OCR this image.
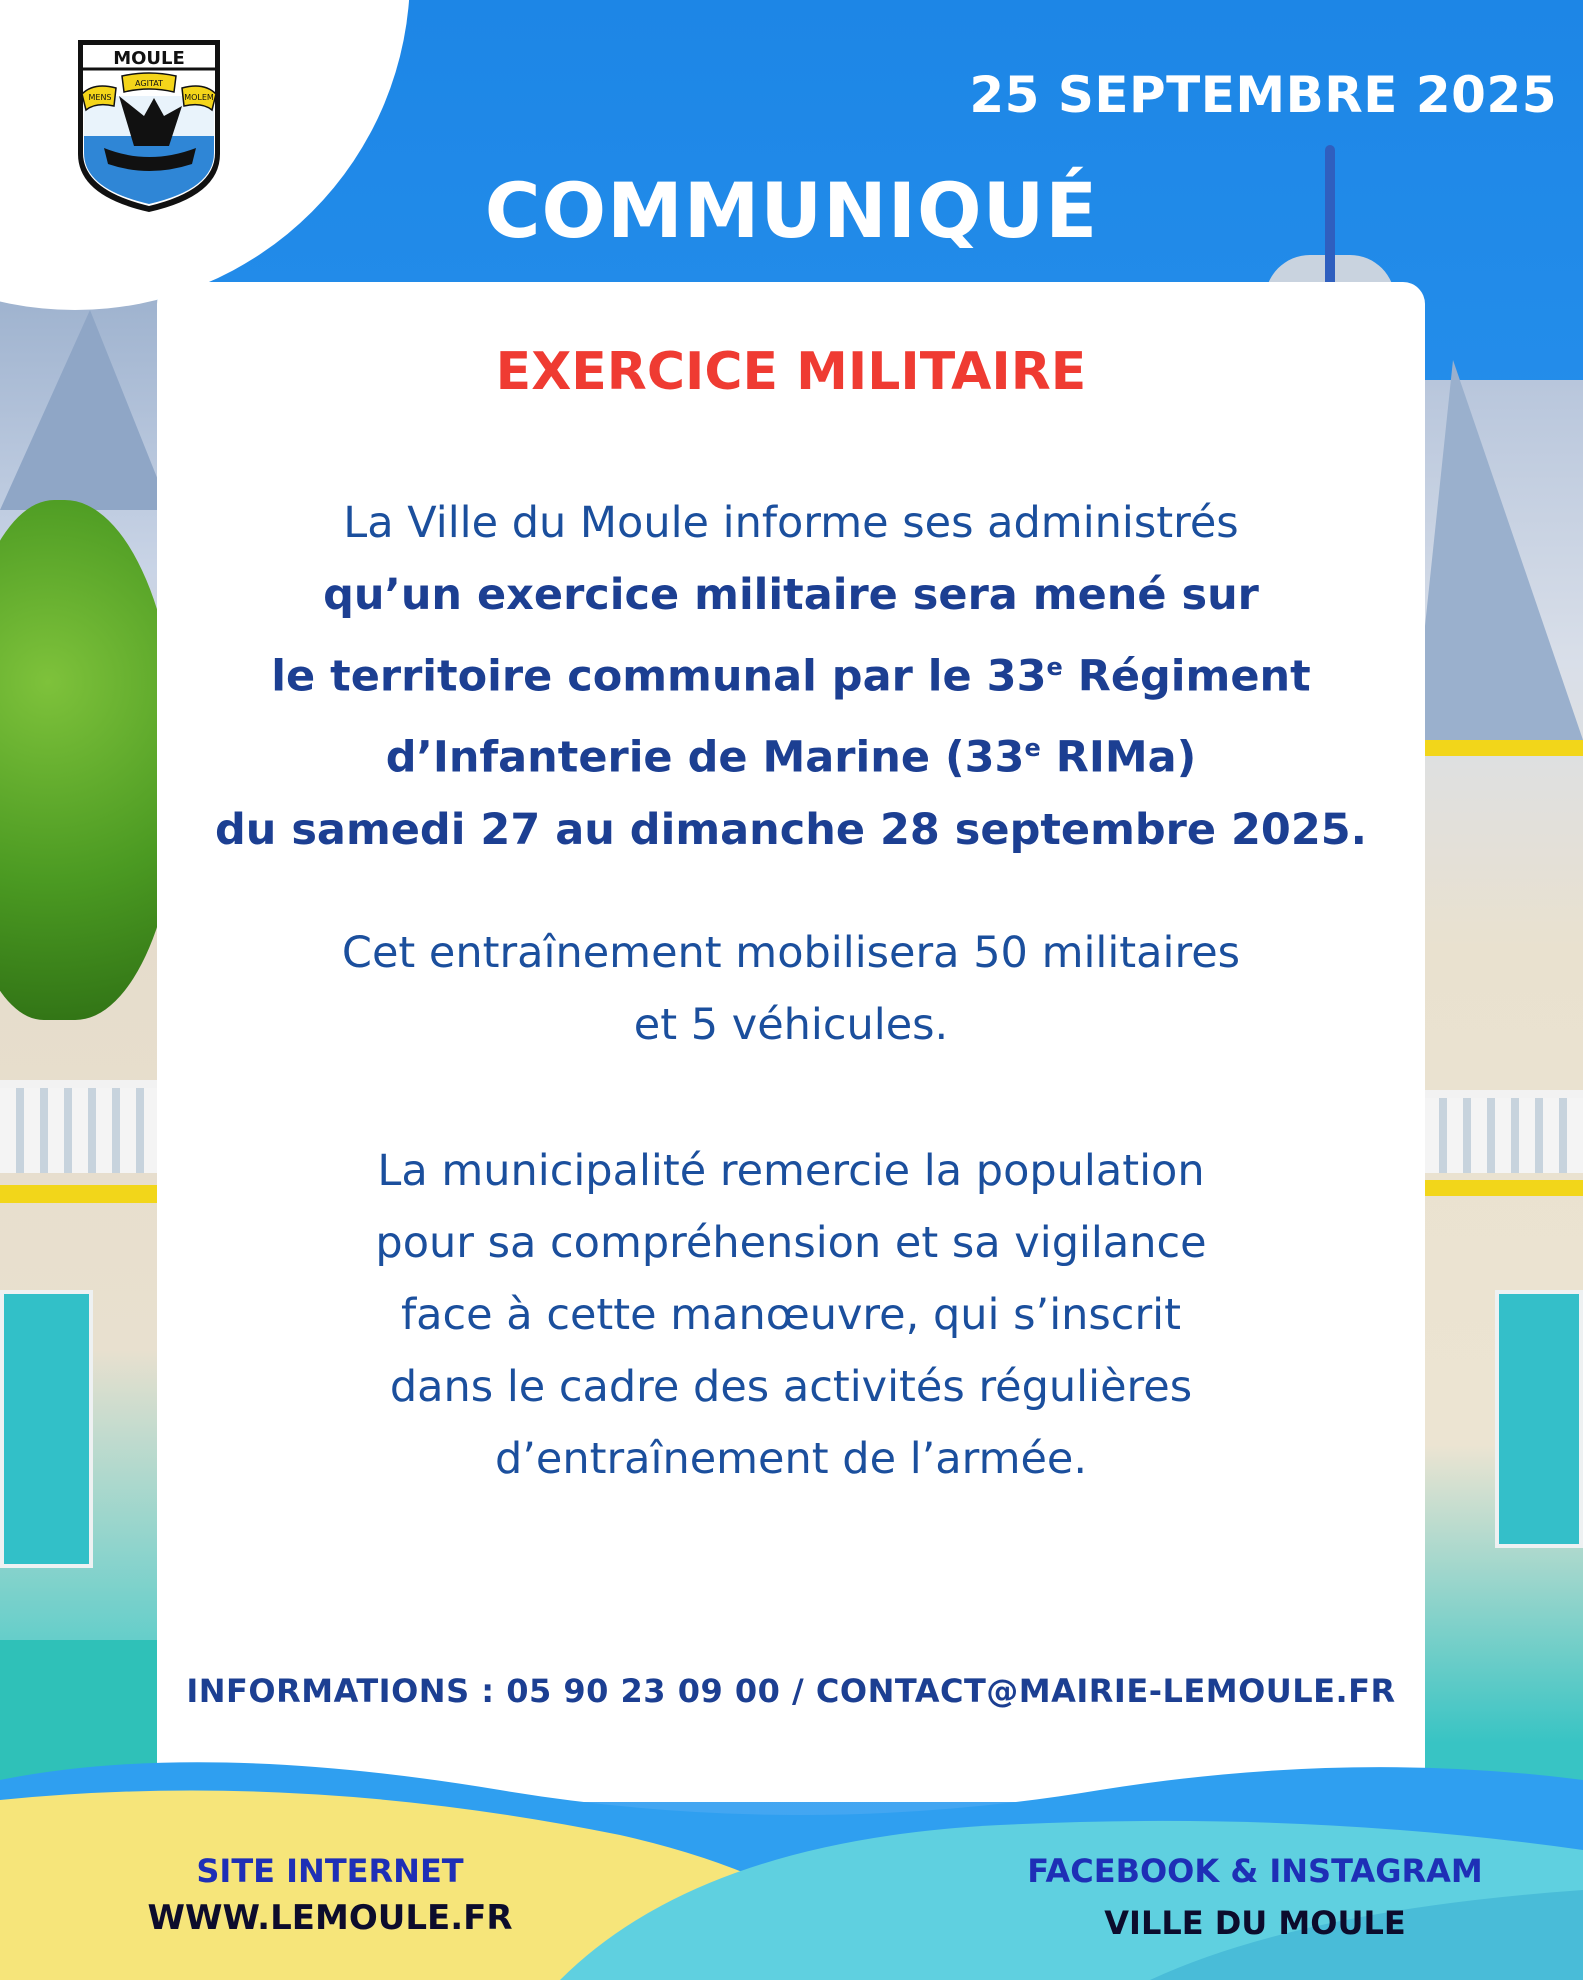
MOULE
MENS
AGITAT
MOLEM	25 SEPTEMBRE 2025
COMMUNIQUÉ
EXERCICE MILITAIRE

La Ville du Moule informe ses administrés
qu’un exercice militaire sera mené sur
le territoire communal par le 33e Régiment
d’Infanterie de Marine (33e RIMa)
du samedi 27 au dimanche 28 septembre 2025.

Cet entraînement mobilisera 50 militaires
et 5 véhicules.

La municipalité remercie la population
pour sa compréhension et sa vigilance
face à cette manœuvre, qui s’inscrit
dans le cadre des activités régulières
d’entraînement de l’armée.

INFORMATIONS : 05 90 23 09 00 / CONTACT@MAIRIE-LEMOULE.FR
SITE INTERNET
WWW.LEMOULE.FR
FACEBOOK & INSTAGRAM
VILLE DU MOULE
